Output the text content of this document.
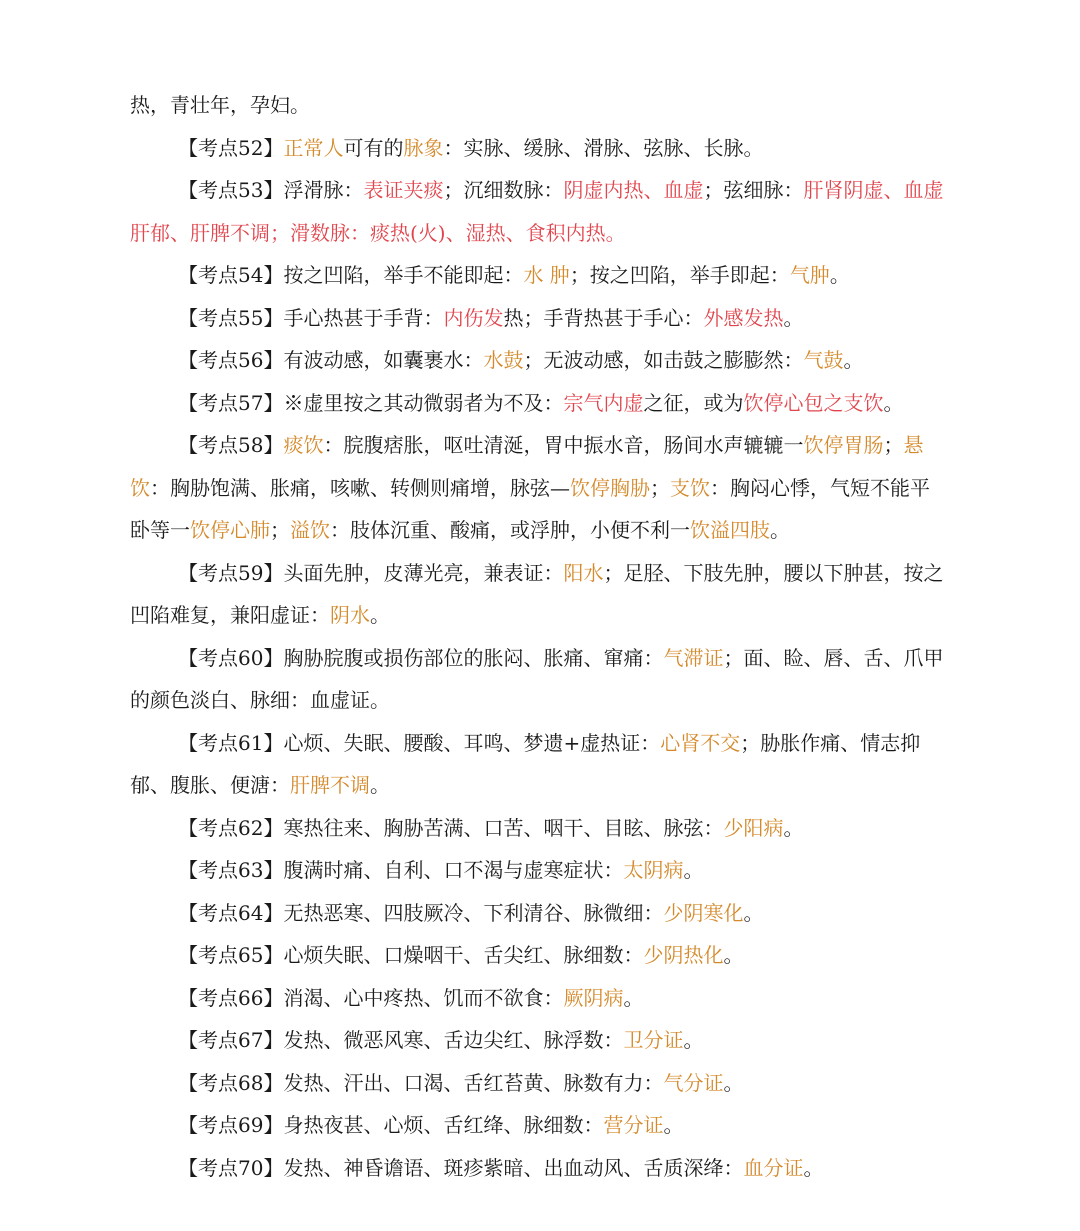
热，青壮年，孕妇。

【考点52】正常人可有的脉象：实脉、缓脉、滑脉、弦脉、长脉。

【考点53】浮滑脉：表证夹痰；沉细数脉：阴虚内热、血虚；弦细脉：肝肾阴虚、血虚肝郁、肝脾不调；滑数脉：痰热(火)、湿热、食积内热。

【考点54】按之凹陷，举手不能即起：水 肿；按之凹陷，举手即起：气肿。

【考点55】手心热甚于手背：内伤发热；手背热甚于手心：外感发热。

【考点56】有波动感，如囊裹水：水鼓；无波动感，如击鼓之膨膨然：气鼓。

【考点57】※虚里按之其动微弱者为不及：宗气内虚之征，或为饮停心包之支饮。

【考点58】痰饮：脘腹痞胀，呕吐清涎，胃中振水音，肠间水声辘辘一饮停胃肠；悬饮：胸胁饱满、胀痛，咳嗽、转侧则痛增，脉弦—饮停胸胁；支饮：胸闷心悸，气短不能平卧等一饮停心肺；溢饮：肢体沉重、酸痛，或浮肿，小便不利一饮溢四肢。

【考点59】头面先肿，皮薄光亮，兼表证：阳水；足胫、下肢先肿，腰以下肿甚，按之凹陷难复，兼阳虚证：阴水。

【考点60】胸胁脘腹或损伤部位的胀闷、胀痛、窜痛：气滞证；面、睑、唇、舌、爪甲的颜色淡白、脉细：血虚证。

【考点61】心烦、失眠、腰酸、耳鸣、梦遗+虚热证：心肾不交；胁胀作痛、情志抑郁、腹胀、便溏：肝脾不调。

【考点62】寒热往来、胸胁苦满、口苦、咽干、目眩、脉弦：少阳病。

【考点63】腹满时痛、自利、口不渴与虚寒症状：太阴病。

【考点64】无热恶寒、四肢厥冷、下利清谷、脉微细：少阴寒化。

【考点65】心烦失眠、口燥咽干、舌尖红、脉细数：少阴热化。

【考点66】消渴、心中疼热、饥而不欲食：厥阴病。

【考点67】发热、微恶风寒、舌边尖红、脉浮数：卫分证。

【考点68】发热、汗出、口渴、舌红苔黄、脉数有力：气分证。

【考点69】身热夜甚、心烦、舌红绛、脉细数：营分证。

【考点70】发热、神昏谵语、斑疹紫暗、出血动风、舌质深绛：血分证。
